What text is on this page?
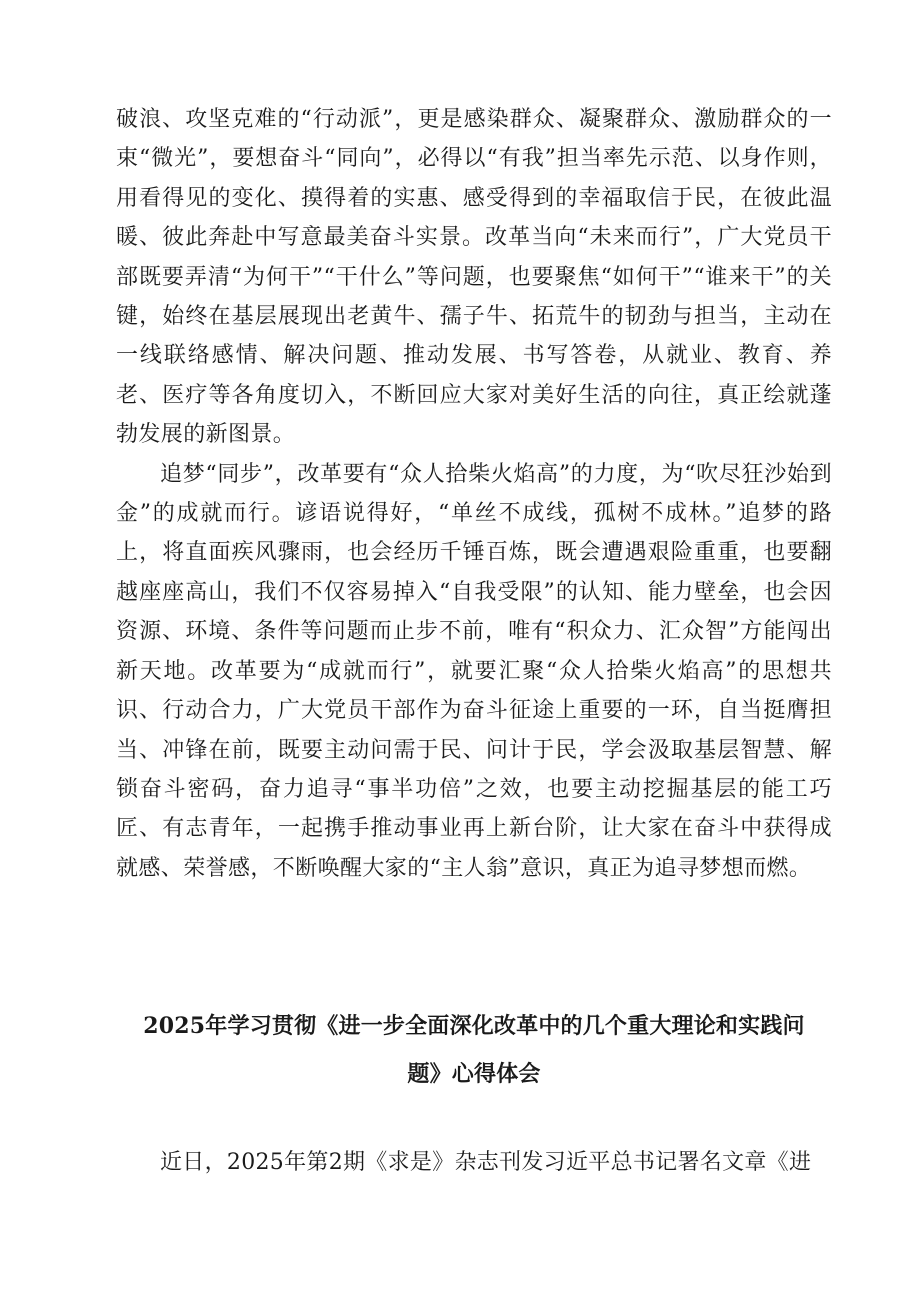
破浪、攻坚克难的“行动派”，更是感染群众、凝聚群众、激励群众的一束“微光”，要想奋斗“同向”，必得以“有我”担当率先示范、以身作则，用看得见的变化、摸得着的实惠、感受得到的幸福取信于民，在彼此温暖、彼此奔赴中写意最美奋斗实景。改革当向“未来而行”，广大党员干部既要弄清“为何干”“干什么”等问题，也要聚焦“如何干”“谁来干”的关键，始终在基层展现出老黄牛、孺子牛、拓荒牛的韧劲与担当，主动在一线联络感情、解决问题、推动发展、书写答卷，从就业、教育、养老、医疗等各角度切入，不断回应大家对美好生活的向往，真正绘就蓬勃发展的新图景。

追梦“同步”，改革要有“众人拾柴火焰高”的力度，为“吹尽狂沙始到金”的成就而行。谚语说得好，“单丝不成线，孤树不成林。”追梦的路上，将直面疾风骤雨，也会经历千锤百炼，既会遭遇艰险重重，也要翻越座座高山，我们不仅容易掉入“自我受限”的认知、能力壁垒，也会因资源、环境、条件等问题而止步不前，唯有“积众力、汇众智”方能闯出新天地。改革要为“成就而行”，就要汇聚“众人拾柴火焰高”的思想共识、行动合力，广大党员干部作为奋斗征途上重要的一环，自当挺膺担当、冲锋在前，既要主动问需于民、问计于民，学会汲取基层智慧、解锁奋斗密码，奋力追寻“事半功倍”之效，也要主动挖掘基层的能工巧匠、有志青年，一起携手推动事业再上新台阶，让大家在奋斗中获得成就感、荣誉感，不断唤醒大家的“主人翁”意识，真正为追寻梦想而燃。

2025年学习贯彻《进一步全面深化改革中的几个重大理论和实践问
题》心得体会

近日，2025年第2期《求是》杂志刊发习近平总书记署名文章《进
